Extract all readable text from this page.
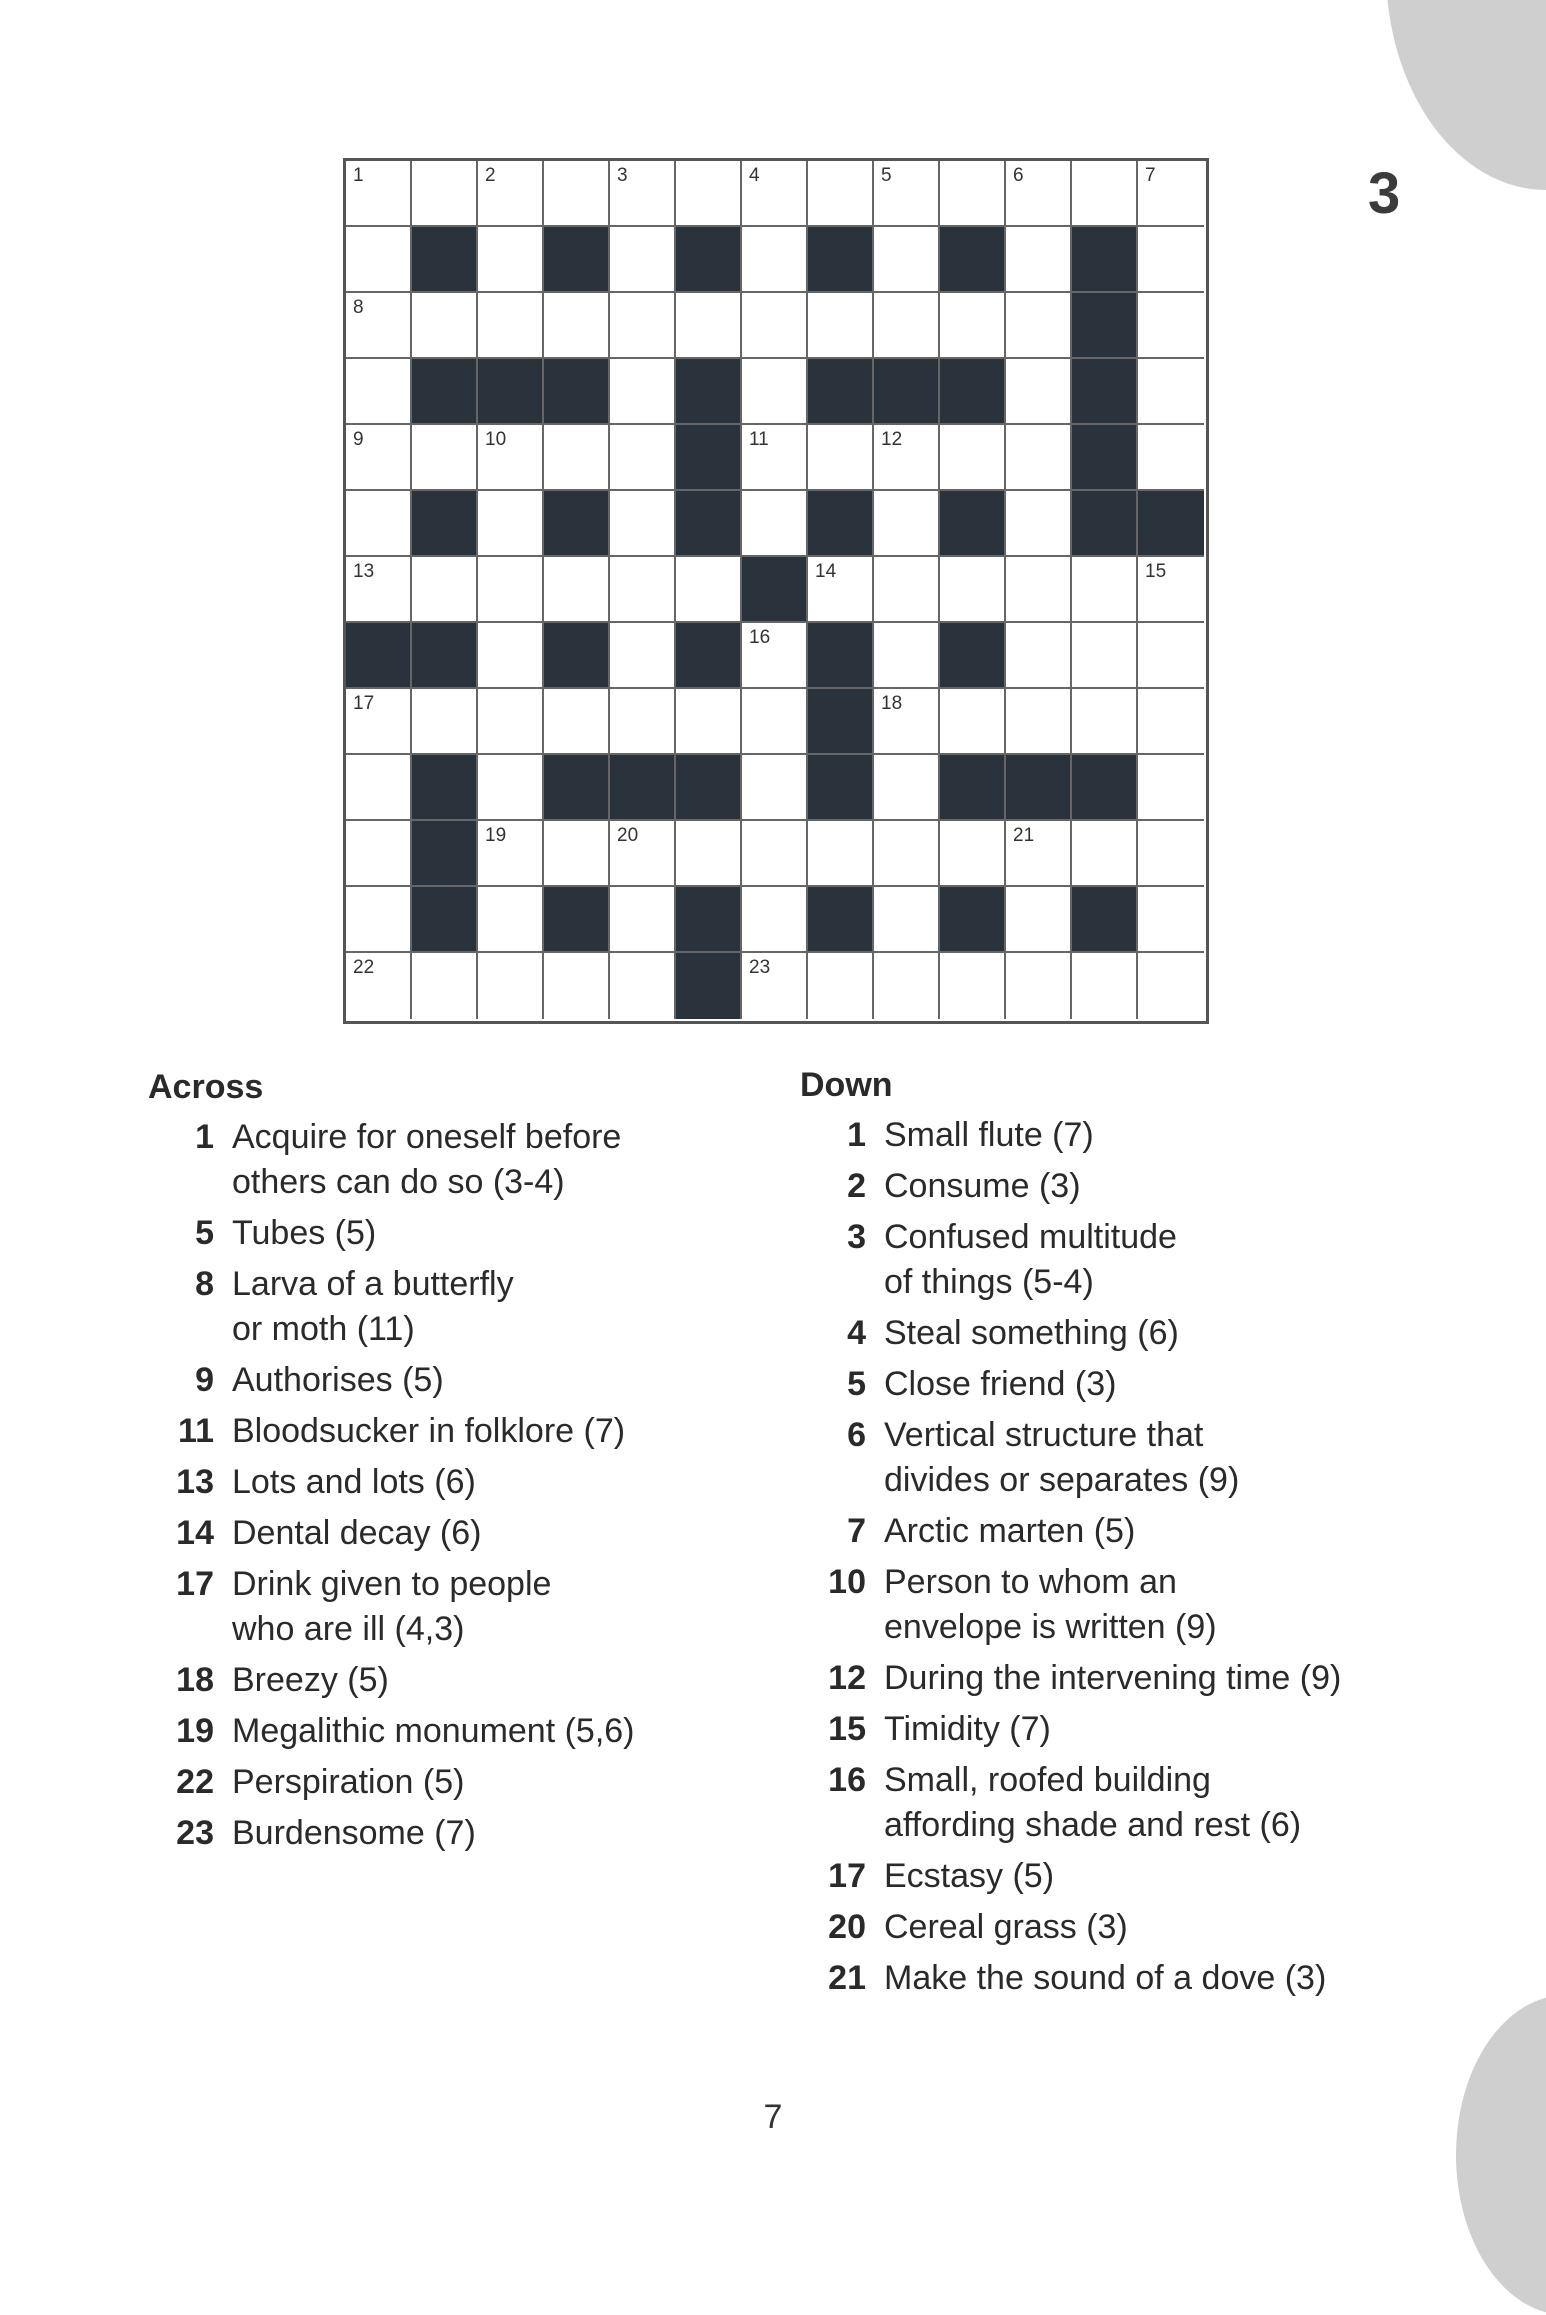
3
1	2	3	4	5	6	7
8
9	10	11	12
13	14	15
16
17	18
19	20	21
22	23
Across
1 Acquire for oneself before
others can do so (3-4)
5 Tubes (5)
8 Larva of a butterfly
or moth (11)
9 Authorises (5)
11 Bloodsucker in folklore (7)
13 Lots and lots (6)
14 Dental decay (6)
17 Drink given to people
who are ill (4,3)
18 Breezy (5)
19 Megalithic monument (5,6)
22 Perspiration (5)
23 Burdensome (7)
Down
1 Small flute (7)
2 Consume (3)
3 Confused multitude
of things (5-4)
4 Steal something (6)
5 Close friend (3)
6 Vertical structure that
divides or separates (9)
7 Arctic marten (5)
10 Person to whom an
envelope is written (9)
12 During the intervening time (9)
15 Timidity (7)
16 Small, roofed building
affording shade and rest (6)
17 Ecstasy (5)
20 Cereal grass (3)
21 Make the sound of a dove (3)
7
